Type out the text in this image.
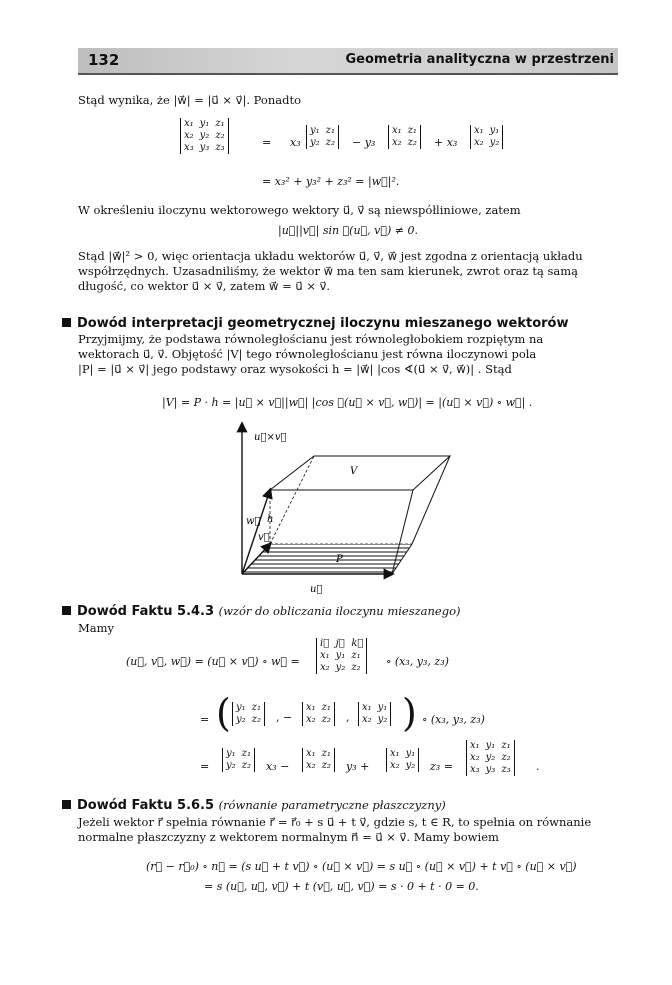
132	Geometria analityczna w przestrzeni
Stąd wynika, że |w⃗| = |u⃗ × v⃗|. Ponadto
x₁	y₁	z₁
x₂	y₂	z₂
x₃	y₃	z₃	= x₃
y₁	z₁
y₂	z₂ − y₃
x₁	z₁
x₂	z₂ + x₃
x₁	y₁
x₂	y₂
= x₃² + y₃² + z₃² = |w⃗|².
W określeniu iloczynu wektorowego wektory u⃗, v⃗ są niewspółliniowe, zatem
|u⃗||v⃗| sin ∢(u⃗, v⃗) ≠ 0.
Stąd |w⃗|² > 0, więc orientacja układu wektorów u⃗, v⃗, w⃗ jest zgodna z orientacją układu
współrzędnych. Uzasadniliśmy, że wektor w⃗ ma ten sam kierunek, zwrot oraz tą samą
długość, co wektor u⃗ × v⃗, zatem w⃗ = u⃗ × v⃗.
Dowód interpretacji geometrycznej iloczynu mieszanego wektorów
Przyjmijmy, że podstawa równoległościanu jest równoległobokiem rozpiętym na
wektorach u⃗, v⃗. Objętość |V| tego równoległościanu jest równa iloczynowi pola
|P| = |u⃗ × v⃗| jego podstawy oraz wysokości h = |w⃗| |cos ∢(u⃗ × v⃗, w⃗)| . Stąd
|V| = P · h = |u⃗ × v⃗||w⃗| |cos ∢(u⃗ × v⃗, w⃗)| = |(u⃗ × v⃗) ∘ w⃗| .
u⃗×v⃗
V
w⃗ h
v⃗
P
u⃗
Dowód Faktu 5.4.3 (wzór do obliczania iloczynu mieszanego)
Mamy
(u⃗, v⃗, w⃗) = (u⃗ × v⃗) ∘ w⃗ =
i⃗	j⃗	k⃗
x₁	y₁	z₁
x₂	y₂	z₂ ∘ (x₃, y₃, z₃)
= ( y₁	z₁
y₂	z₂ , −
x₁	z₁
x₂	z₂ ,
x₁	y₁
x₂	y₂ ) ∘ (x₃, y₃, z₃)
=
y₁	z₁
y₂	z₂ x₃ −
x₁	z₁
x₂	z₂ y₃ +
x₁	y₁
x₂	y₂ z₃ =
x₁	y₁	z₁
x₂	y₂	z₂
x₃	y₃	z₃ .
Dowód Faktu 5.6.5 (równanie parametryczne płaszczyzny)
Jeżeli wektor r⃗ spełnia równanie r⃗ = r⃗₀ + s u⃗ + t v⃗, gdzie s, t ∈ R, to spełnia on równanie
normalne płaszczyzny z wektorem normalnym n⃗ = u⃗ × v⃗. Mamy bowiem
(r⃗ − r⃗₀) ∘ n⃗ = (s u⃗ + t v⃗) ∘ (u⃗ × v⃗) = s u⃗ ∘ (u⃗ × v⃗) + t v⃗ ∘ (u⃗ × v⃗)
= s (u⃗, u⃗, v⃗) + t (v⃗, u⃗, v⃗) = s · 0 + t · 0 = 0.
